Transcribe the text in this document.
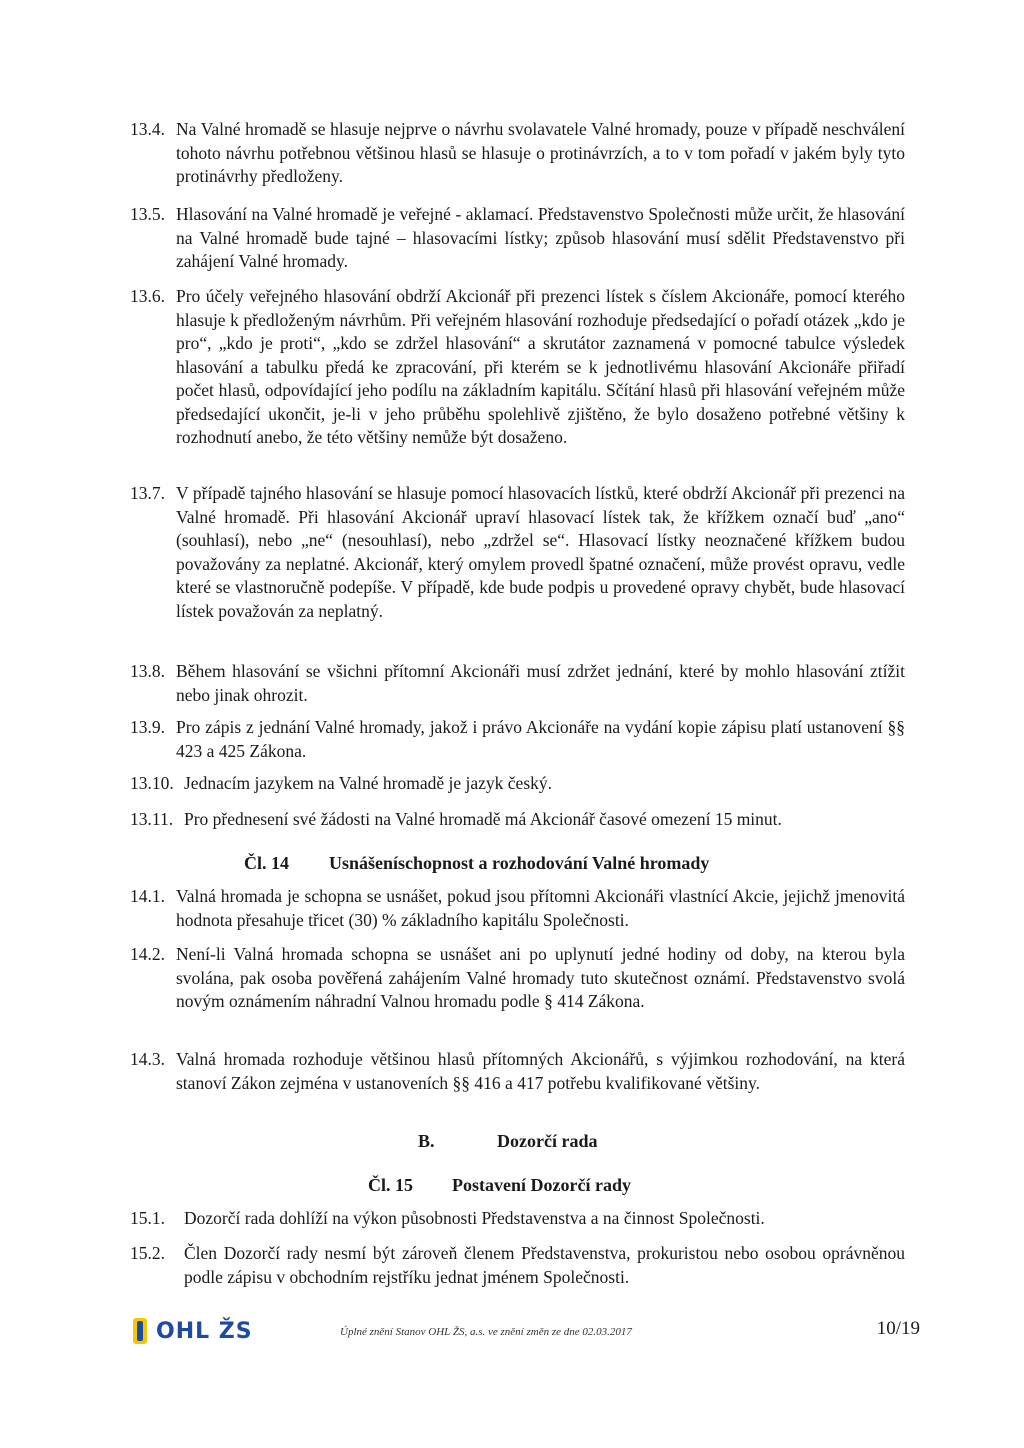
13.4. Na Valné hromadě se hlasuje nejprve o návrhu svolavatele Valné hromady, pouze v případě neschválení tohoto návrhu potřebnou většinou hlasů se hlasuje o protinávrzích, a to v tom pořadí v jakém byly tyto protinávrhy předloženy.
13.5. Hlasování na Valné hromadě je veřejné - aklamací. Představenstvo Společnosti může určit, že hlasování na Valné hromadě bude tajné – hlasovacími lístky; způsob hlasování musí sdělit Představenstvo při zahájení Valné hromady.
13.6. Pro účely veřejného hlasování obdrží Akcionář při prezenci lístek s číslem Akcionáře, pomocí kterého hlasuje k předloženým návrhům. Při veřejném hlasování rozhoduje předsedající o pořadí otázek „kdo je pro“, „kdo je proti“, „kdo se zdržel hlasování“ a skrutátor zaznamená v pomocné tabulce výsledek hlasování a tabulku předá ke zpracování, při kterém se k jednotlivému hlasování Akcionáře přiřadí počet hlasů, odpovídající jeho podílu na základním kapitálu. Sčítání hlasů při hlasování veřejném může předsedající ukončit, je-li v jeho průběhu spolehlivě zjištěno, že bylo dosaženo potřebné většiny k rozhodnutí anebo, že této většiny nemůže být dosaženo.
13.7. V případě tajného hlasování se hlasuje pomocí hlasovacích lístků, které obdrží Akcionář při prezenci na Valné hromadě. Při hlasování Akcionář upraví hlasovací lístek tak, že křížkem označí buď „ano“ (souhlasí), nebo „ne“ (nesouhlasí), nebo „zdržel se“. Hlasovací lístky neoznačené křížkem budou považovány za neplatné. Akcionář, který omylem provedl špatné označení, může provést opravu, vedle které se vlastnoručně podepíše. V případě, kde bude podpis u provedené opravy chybět, bude hlasovací lístek považován za neplatný.
13.8. Během hlasování se všichni přítomní Akcionáři musí zdržet jednání, které by mohlo hlasování ztížit nebo jinak ohrozit.
13.9. Pro zápis z jednání Valné hromady, jakož i právo Akcionáře na vydání kopie zápisu platí ustanovení §§ 423 a 425 Zákona.
13.10. Jednacím jazykem na Valné hromadě je jazyk český.
13.11. Pro přednesení své žádosti na Valné hromadě má Akcionář časové omezení 15 minut.
Čl. 14 Usnášeníschopnost a rozhodování Valné hromady
14.1. Valná hromada je schopna se usnášet, pokud jsou přítomni Akcionáři vlastnící Akcie, jejichž jmenovitá hodnota přesahuje třicet (30) % základního kapitálu Společnosti.
14.2. Není-li Valná hromada schopna se usnášet ani po uplynutí jedné hodiny od doby, na kterou byla svolána, pak osoba pověřená zahájením Valné hromady tuto skutečnost oznámí. Představenstvo svolá novým oznámením náhradní Valnou hromadu podle § 414 Zákona.
14.3. Valná hromada rozhoduje většinou hlasů přítomných Akcionářů, s výjimkou rozhodování, na která stanoví Zákon zejména v ustanoveních §§ 416 a 417 potřebu kvalifikované většiny.
B.	Dozorčí rada
Čl. 15 Postavení Dozorčí rady
15.1.	Dozorčí rada dohlíží na výkon působnosti Představenstva a na činnost Společnosti.
15.2.	Člen Dozorčí rady nesmí být zároveň členem Představenstva, prokuristou nebo osobou oprávněnou podle zápisu v obchodním rejstříku jednat jménem Společnosti.
OHL ŽS	Úplné znění Stanov OHL ŽS, a.s. ve znění změn ze dne 02.03.2017	10/19
